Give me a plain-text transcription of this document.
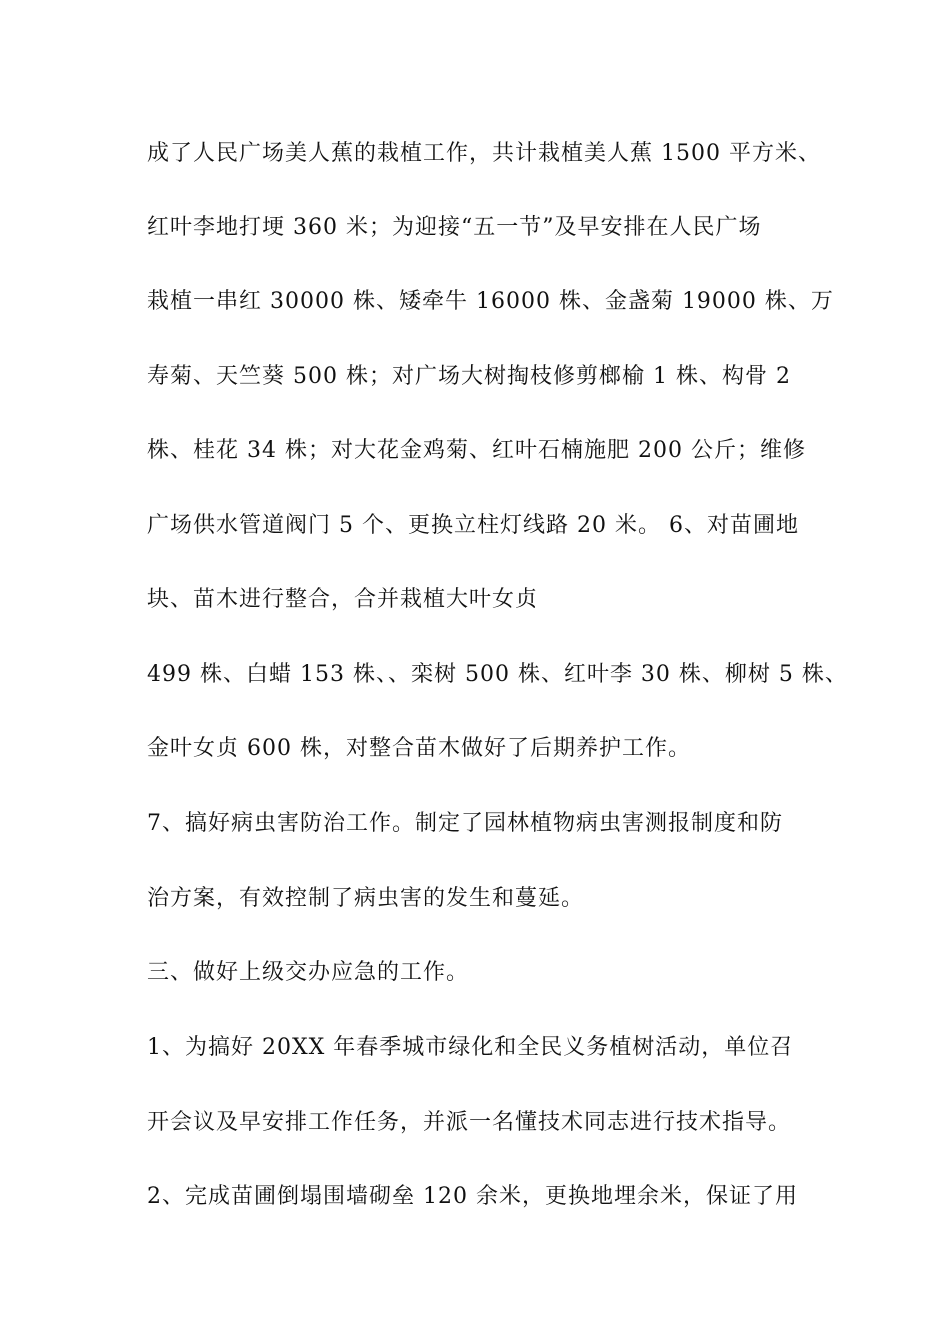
成了人民广场美人蕉的栽植工作，共计栽植美人蕉 1500 平方米、

红叶李地打埂 360 米；为迎接“五一节”及早安排在人民广场

栽植一串红 30000 株、矮牵牛 16000 株、金盏菊 19000 株、万

寿菊、天竺葵 500 株；对广场大树掏枝修剪榔榆 1 株、构骨 2

株、桂花 34 株；对大花金鸡菊、红叶石楠施肥 200 公斤；维修

广场供水管道阀门 5 个、更换立柱灯线路 20 米。 6、对苗圃地

块、苗木进行整合，合并栽植大叶女贞

499 株、白蜡 153 株、、栾树 500 株、红叶李 30 株、柳树 5 株、

金叶女贞 600 株，对整合苗木做好了后期养护工作。

7、搞好病虫害防治工作。制定了园林植物病虫害测报制度和防

治方案，有效控制了病虫害的发生和蔓延。

三、做好上级交办应急的工作。

1、为搞好 20XX 年春季城市绿化和全民义务植树活动，单位召

开会议及早安排工作任务，并派一名懂技术同志进行技术指导。

2、完成苗圃倒塌围墙砌垒 120 余米，更换地埋余米，保证了用
